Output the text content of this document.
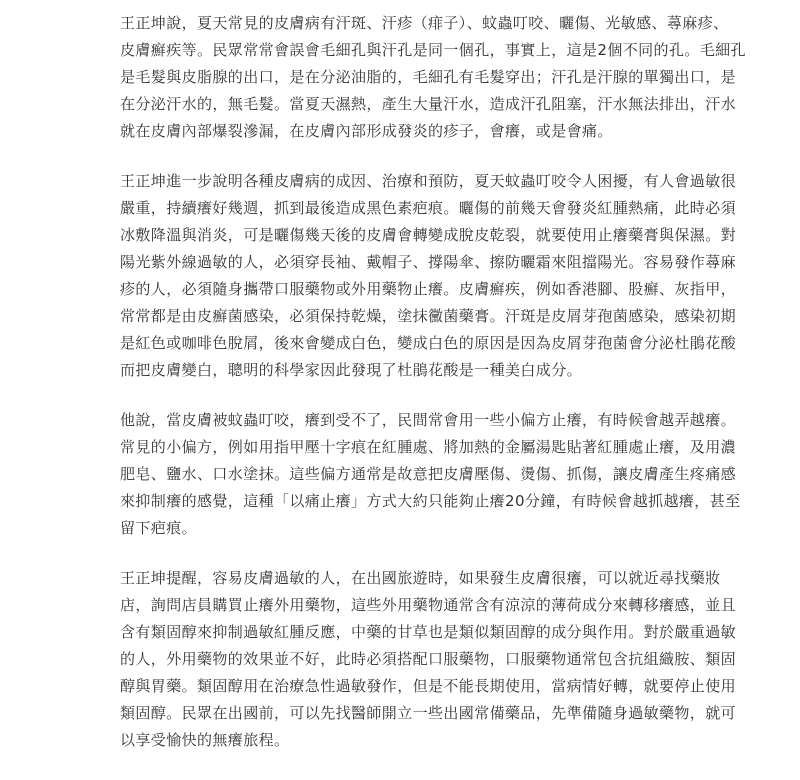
王正坤說，夏天常見的皮膚病有汗斑、汗疹（痱子）、蚊蟲叮咬、曬傷、光敏感、蕁麻疹、
皮膚癬疾等。民眾常常會誤會毛細孔與汗孔是同一個孔，事實上，這是2個不同的孔。毛細孔
是毛髮與皮脂腺的出口，是在分泌油脂的，毛細孔有毛髮穿出；汗孔是汗腺的單獨出口，是
在分泌汗水的，無毛髮。當夏天濕熱，產生大量汗水，造成汗孔阻塞，汗水無法排出，汗水
就在皮膚內部爆裂滲漏，在皮膚內部形成發炎的疹子，會癢，或是會痛。
王正坤進一步說明各種皮膚病的成因、治療和預防，夏天蚊蟲叮咬令人困擾，有人會過敏很
嚴重，持續癢好幾週，抓到最後造成黑色素疤痕。曬傷的前幾天會發炎紅腫熱痛，此時必須
冰敷降溫與消炎，可是曬傷幾天後的皮膚會轉變成脫皮乾裂，就要使用止癢藥膏與保濕。對
陽光紫外線過敏的人，必須穿長袖、戴帽子、撐陽傘、擦防曬霜來阻擋陽光。容易發作蕁麻
疹的人，必須隨身攜帶口服藥物或外用藥物止癢。皮膚癬疾，例如香港腳、股癬、灰指甲，
常常都是由皮癬菌感染，必須保持乾燥，塗抹黴菌藥膏。汗斑是皮屑芽孢菌感染，感染初期
是紅色或咖啡色脫屑，後來會變成白色，變成白色的原因是因為皮屑芽孢菌會分泌杜鵑花酸
而把皮膚變白，聰明的科學家因此發現了杜鵑花酸是一種美白成分。
他說，當皮膚被蚊蟲叮咬，癢到受不了，民間常會用一些小偏方止癢，有時候會越弄越癢。
常見的小偏方，例如用指甲壓十字痕在紅腫處、將加熱的金屬湯匙貼著紅腫處止癢，及用濃
肥皂、鹽水、口水塗抹。這些偏方通常是故意把皮膚壓傷、燙傷、抓傷，讓皮膚產生疼痛感
來抑制癢的感覺，這種「以痛止癢」方式大約只能夠止癢20分鐘，有時候會越抓越癢，甚至
留下疤痕。
王正坤提醒，容易皮膚過敏的人，在出國旅遊時，如果發生皮膚很癢，可以就近尋找藥妝
店，詢問店員購買止癢外用藥物，這些外用藥物通常含有涼涼的薄荷成分來轉移癢感，並且
含有類固醇來抑制過敏紅腫反應，中藥的甘草也是類似類固醇的成分與作用。對於嚴重過敏
的人，外用藥物的效果並不好，此時必須搭配口服藥物，口服藥物通常包含抗組織胺、類固
醇與胃藥。類固醇用在治療急性過敏發作，但是不能長期使用，當病情好轉，就要停止使用
類固醇。民眾在出國前，可以先找醫師開立一些出國常備藥品，先準備隨身過敏藥物，就可
以享受愉快的無癢旅程。
